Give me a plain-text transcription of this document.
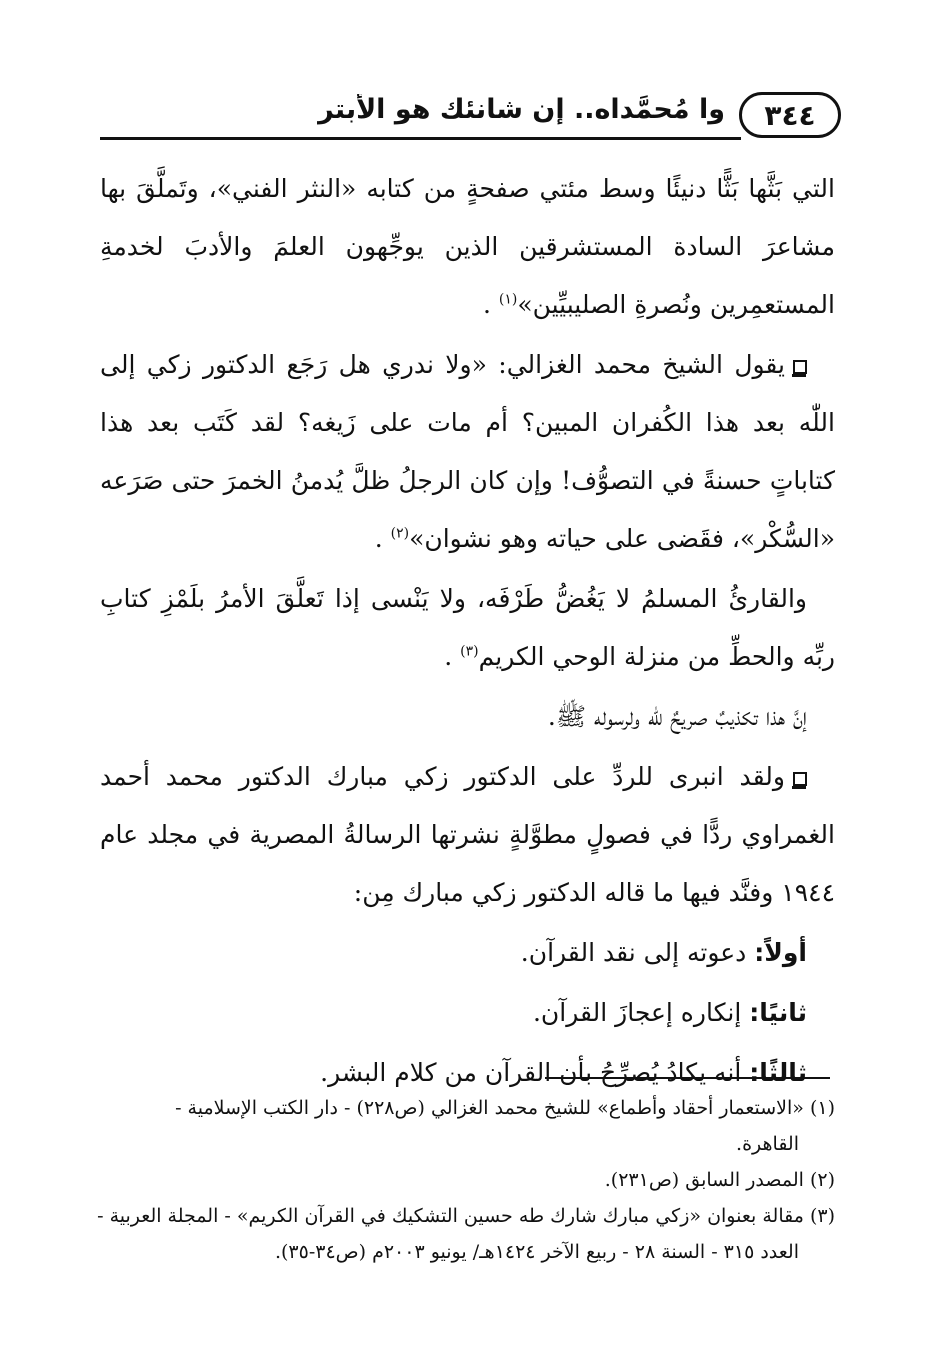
٣٤٤
وا مُحمَّداه.. إن شانئك هو الأبتر

التي بَثَّها بَثًّا دنيئًا وسط مئتي صفحةٍ من كتابه «النثر الفني»، وتَملَّقَ بها مشاعرَ السادة المستشرقين الذين يوجِّهون العلمَ والأدبَ لخدمةِ المستعمِرين ونُصرةِ الصليبيِّين»$^{(١)}$ .

يقول الشيخ محمد الغزالي: «ولا ندري هل رَجَع الدكتور زكي إلى اللّٰه بعد هذا الكُفران المبين؟ أم مات على زَيغه؟ لقد كَتَب بعد هذا كتاباتٍ حسنةً في التصوُّف! وإن كان الرجلُ ظلَّ يُدمنُ الخمرَ حتى صَرَعه «السُّكْر»، فقَضى على حياته وهو نشوان»$^{(٢)}$ .

والقارئُ المسلمُ لا يَغُضُّ طَرْفَه، ولا يَنْسى إذا تَعلَّقَ الأمرُ بلَمْزِ كتابِ ربِّه والحطِّ من منزلة الوحي الكريم$^{(٣)}$ .

إنَّ هذا تكذيبٌ صريحٌ للّٰه ولرسوله ﷺ.

ولقد انبرى للردِّ على الدكتور زكي مبارك الدكتور محمد أحمد الغمراوي ردًّا في فصولٍ مطوَّلةٍ نشرتها الرسالةُ المصرية في مجلد عام ١٩٤٤ وفنَّد فيها ما قاله الدكتور زكي مبارك مِن:

أولاً: دعوته إلى نقد القرآن.

ثانيًا: إنكاره إعجازَ القرآن.

ثالثًا: أنه يكادُ يُصرِّحُ بأن القرآن من كلام البشر.

(١) «الاستعمار أحقاد وأطماع» للشيخ محمد الغزالي (ص٢٢٨) - دار الكتب الإسلامية -

القاهرة.

(٢) المصدر السابق (ص٢٣١).

(٣) مقالة بعنوان «زكي مبارك شارك طه حسين التشكيك في القرآن الكريم» - المجلة العربية -

العدد ٣١٥ - السنة ٢٨ - ربيع الآخر ١٤٢٤هـ/ يونيو ٢٠٠٣م (ص٣٤-٣٥).
